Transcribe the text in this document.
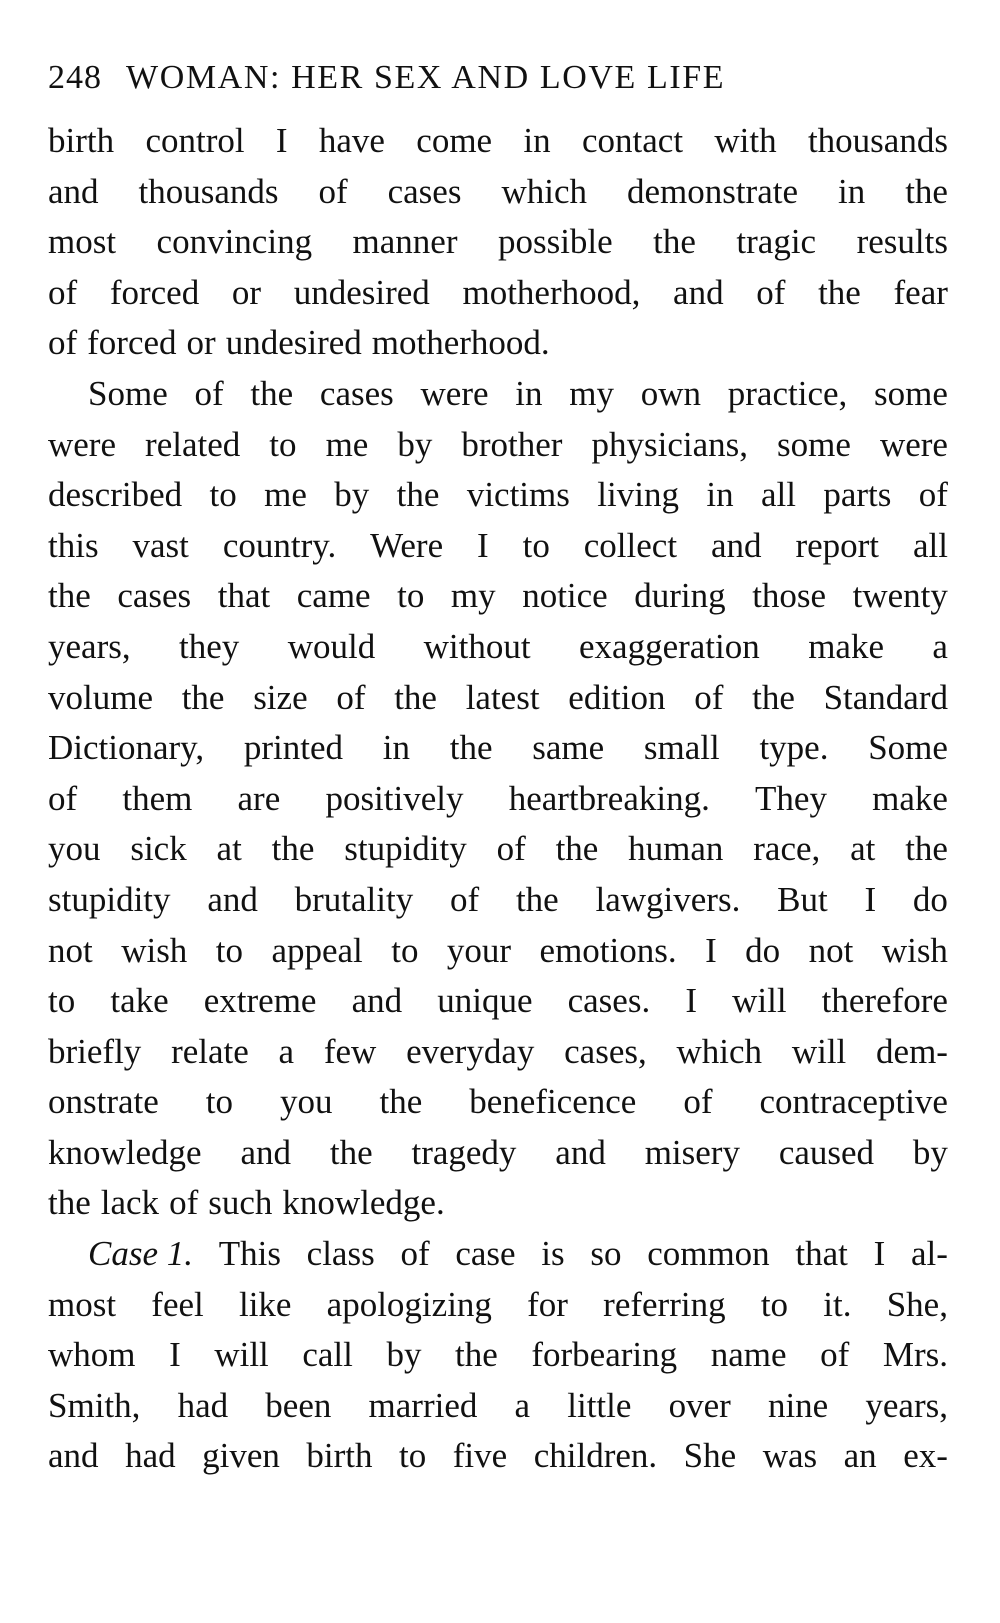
248 WOMAN: HER SEX AND LOVE LIFE
birth control I have come in contact with thousands
and thousands of cases which demonstrate in the
most convincing manner possible the tragic results
of forced or undesired motherhood, and of the fear
of forced or undesired motherhood.
Some of the cases were in my own practice, some
were related to me by brother physicians, some were
described to me by the victims living in all parts of
this vast country. Were I to collect and report all
the cases that came to my notice during those twenty
years, they would without exaggeration make a
volume the size of the latest edition of the Standard
Dictionary, printed in the same small type. Some
of them are positively heartbreaking. They make
you sick at the stupidity of the human race, at the
stupidity and brutality of the lawgivers. But I do
not wish to appeal to your emotions. I do not wish
to take extreme and unique cases. I will therefore
briefly relate a few everyday cases, which will dem-
onstrate to you the beneficence of contraceptive
knowledge and the tragedy and misery caused by
the lack of such knowledge.
Case 1. This class of case is so common that I al-
most feel like apologizing for referring to it. She,
whom I will call by the forbearing name of Mrs.
Smith, had been married a little over nine years,
and had given birth to five children. She was an ex-
